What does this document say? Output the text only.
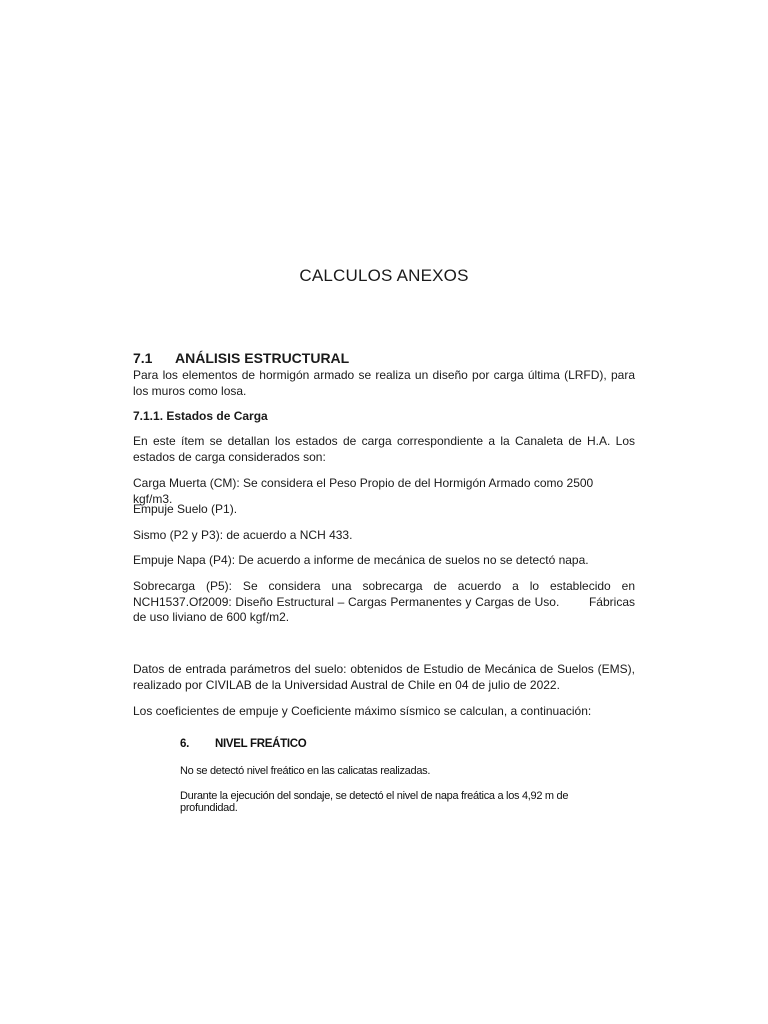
CALCULOS ANEXOS
7.1 ANÁLISIS ESTRUCTURAL

Para los elementos de hormigón armado se realiza un diseño por carga última (LRFD), para los muros como losa.

7.1.1. Estados de Carga

En este ítem se detallan los estados de carga correspondiente a la Canaleta de H.A. Los estados de carga considerados son:

Carga Muerta (CM): Se considera el Peso Propio de del Hormigón Armado como 2500 kgf/m3.

Empuje Suelo (P1).

Sismo (P2 y P3): de acuerdo a NCH 433.

Empuje Napa (P4): De acuerdo a informe de mecánica de suelos no se detectó napa.

Sobrecarga (P5): Se considera una sobrecarga de acuerdo a lo establecido en NCH1537.Of2009: Diseño Estructural – Cargas Permanentes y Cargas de Uso.        Fábricas de uso liviano de 600 kgf/m2.

Datos de entrada parámetros del suelo: obtenidos de Estudio de Mecánica de Suelos (EMS), realizado por CIVILAB de la Universidad Austral de Chile en 04 de julio de 2022.

Los coeficientes de empuje y Coeficiente máximo sísmico se calculan, a continuación:

6. NIVEL FREÁTICO

No se detectó nivel freático en las calicatas realizadas.

Durante la ejecución del sondaje, se detectó el nivel de napa freática a los 4,92 m de profundidad.
